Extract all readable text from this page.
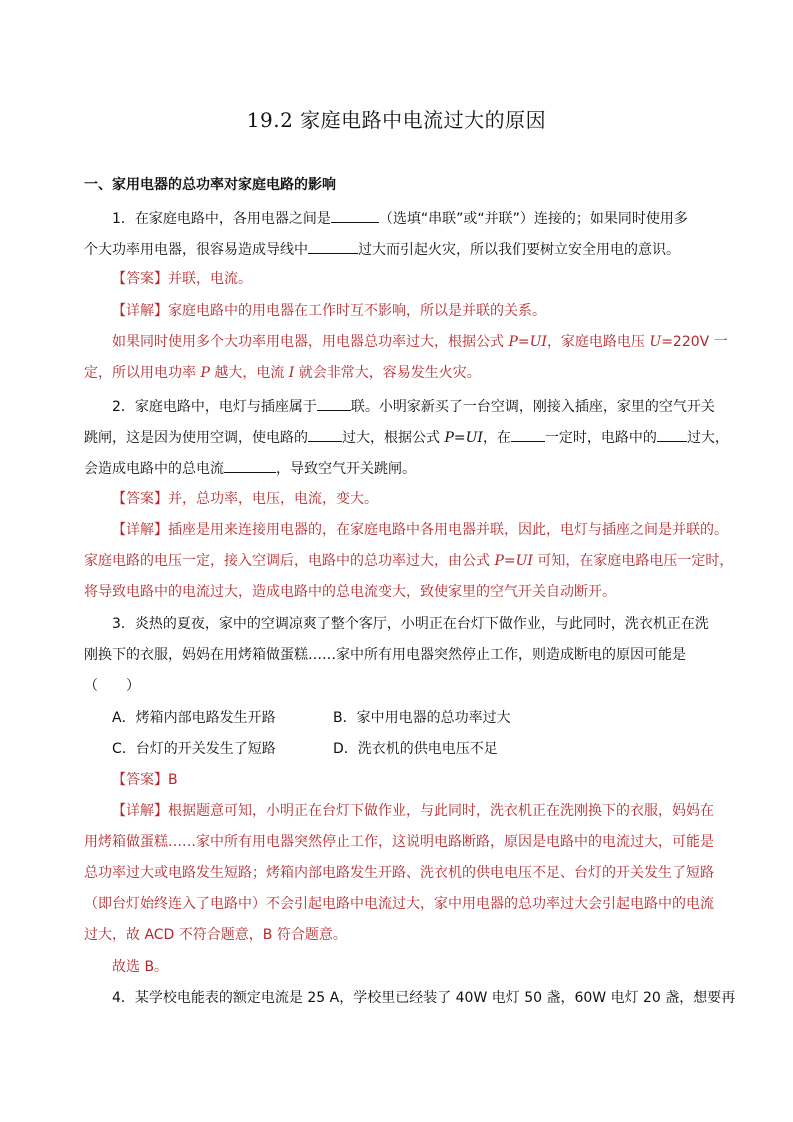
19.2 家庭电路中电流过大的原因
一、家用电器的总功率对家庭电路的影响
1．在家庭电路中，各用电器之间是	（选填“串联”或“并联”）连接的；如果同时使用多
个大功率用电器，很容易造成导线中	过大而引起火灾，所以我们要树立安全用电的意识。
【答案】并联，电流。
【详解】家庭电路中的用电器在工作时互不影响，所以是并联的关系。
如果同时使用多个大功率用电器，用电器总功率过大，根据公式 P=UI，家庭电路电压 U=220V 一
定，所以用电功率 P 越大，电流 I 就会非常大，容易发生火灾。
2．家庭电路中，电灯与插座属于 联。小明家新买了一台空调，刚接入插座，家里的空气开关
跳闸，这是因为使用空调，使电路的 过大，根据公式 P=UI，在 一定时，电路中的 过大，
会造成电路中的总电流	，导致空气开关跳闸。
【答案】并，总功率，电压，电流，变大。
【详解】插座是用来连接用电器的，在家庭电路中各用电器并联，因此，电灯与插座之间是并联的。
家庭电路的电压一定，接入空调后，电路中的总功率过大，由公式 P=UI 可知，在家庭电路电压一定时，
将导致电路中的电流过大，造成电路中的总电流变大，致使家里的空气开关自动断开。
3．炎热的夏夜，家中的空调凉爽了整个客厅，小明正在台灯下做作业，与此同时，洗衣机正在洗
刚换下的衣服，妈妈在用烤箱做蛋糕……家中所有用电器突然停止工作，则造成断电的原因可能是
（　　）
A．烤箱内部电路发生开路	B．家中用电器的总功率过大
C．台灯的开关发生了短路	D．洗衣机的供电电压不足
【答案】B
【详解】根据题意可知，小明正在台灯下做作业，与此同时，洗衣机正在洗刚换下的衣服，妈妈在
用烤箱做蛋糕……家中所有用电器突然停止工作，这说明电路断路，原因是电路中的电流过大，可能是
总功率过大或电路发生短路；烤箱内部电路发生开路、洗衣机的供电电压不足、台灯的开关发生了短路
（即台灯始终连入了电路中）不会引起电路中电流过大，家中用电器的总功率过大会引起电路中的电流
过大，故 ACD 不符合题意，B 符合题意。
故选 B。
4．某学校电能表的额定电流是 25 A，学校里已经装了 40W 电灯 50 盏，60W 电灯 20 盏，想要再
